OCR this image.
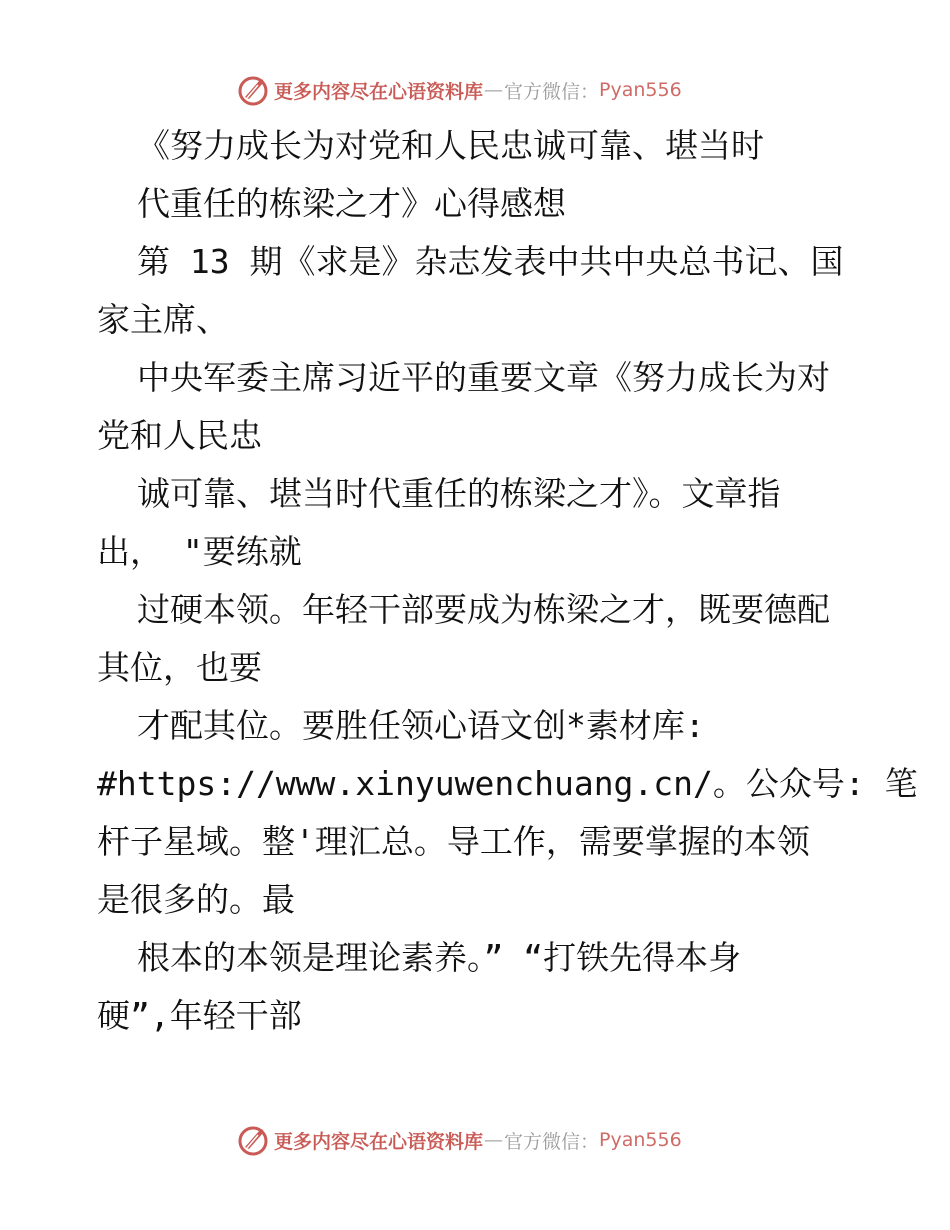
更多内容尽在心语资料库 — 官方微信： Pyan556
《努力成长为对党和人民忠诚可靠、堪当时
代重任的栋梁之才》心得感想
第 13 期《求是》杂志发表中共中央总书记、国
家主席、
中央军委主席习近平的重要文章《努力成长为对
党和人民忠
诚可靠、堪当时代重任的栋梁之才》。文章指
出， "要练就
过硬本领。年轻干部要成为栋梁之才，既要德配
其位，也要
才配其位。要胜任领心语文创*素材库:
#https://www.xinyuwenchuang.cn/。公众号: 笔
杆子星域。整'理汇总。导工作，需要掌握的本领
是很多的。最
根本的本领是理论素养。” “打铁先得本身
硬”,年轻干部
更多内容尽在心语资料库 — 官方微信： Pyan556
